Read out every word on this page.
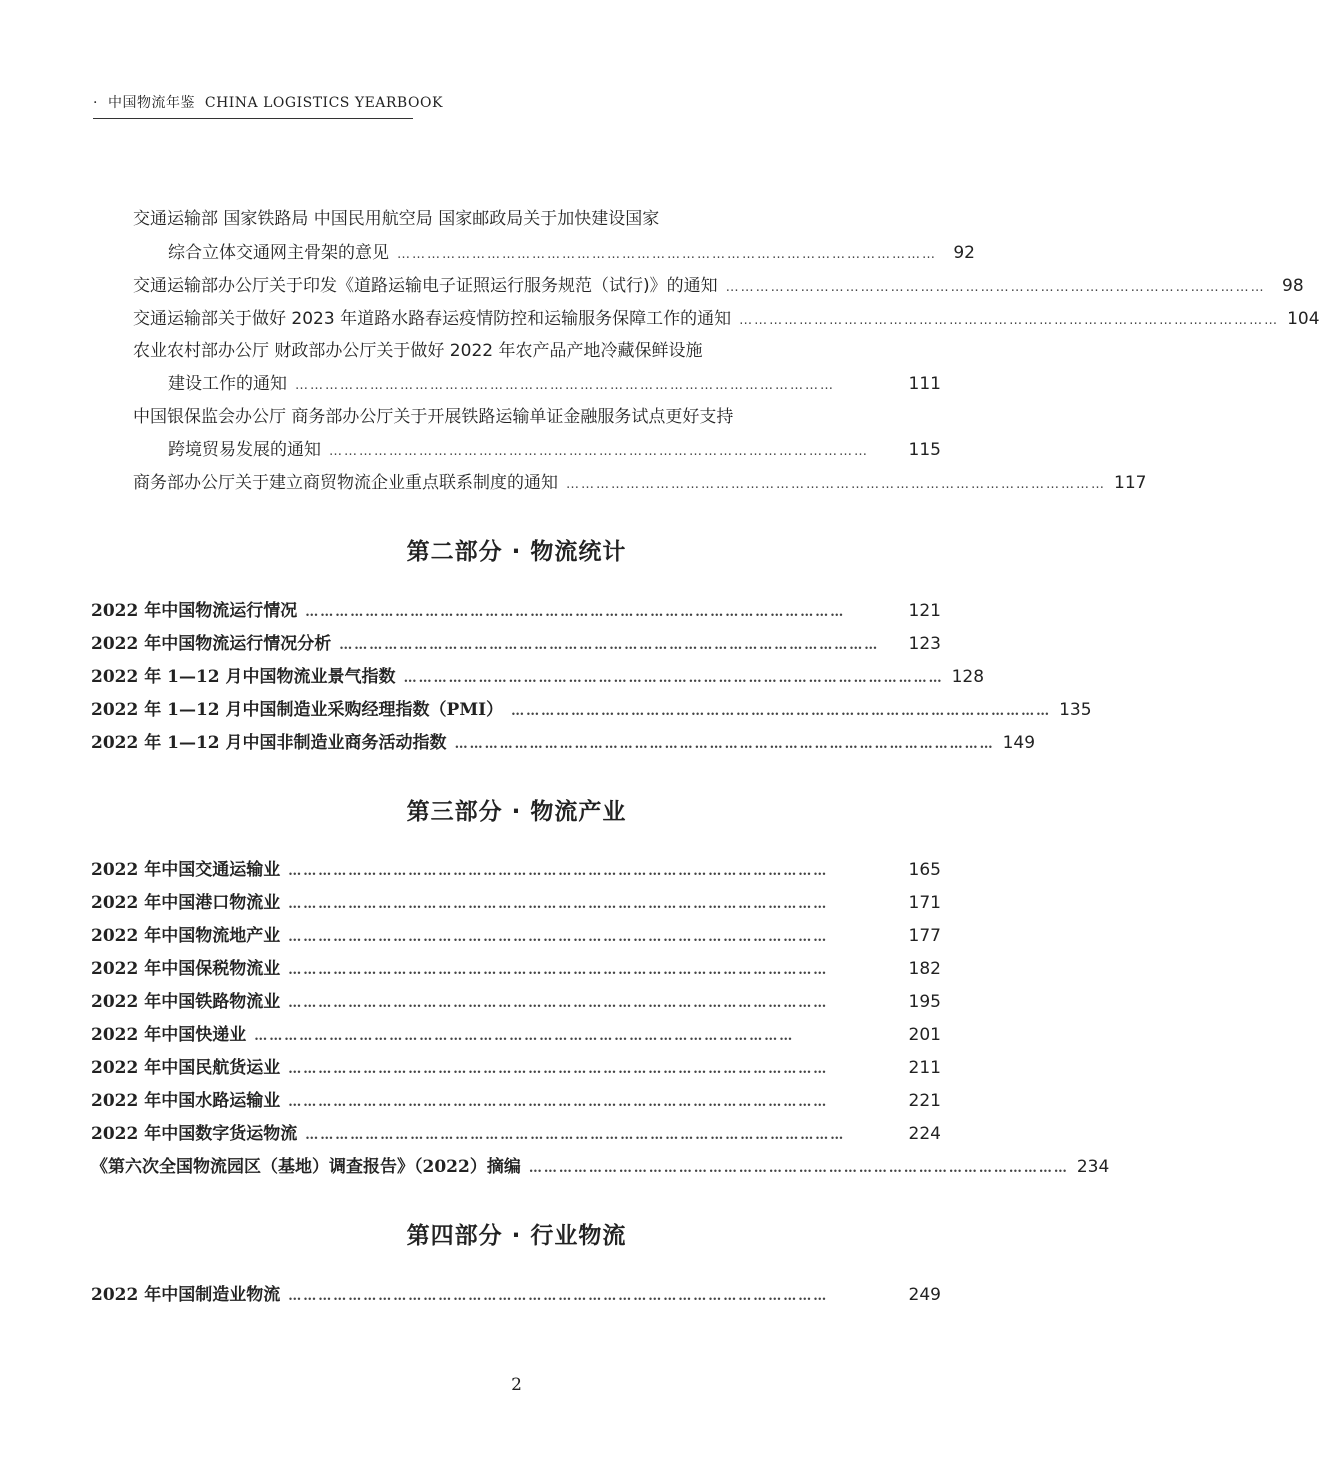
· 中国物流年鉴 CHINA LOGISTICS YEARBOOK
交通运输部 国家铁路局 中国民用航空局 国家邮政局关于加快建设国家
综合立体交通网主骨架的意见 ……………………………………………………………………………………………… 92
交通运输部办公厅关于印发《道路运输电子证照运行服务规范（试行)》的通知 ……………………………………………………………………………………………… 98
交通运输部关于做好 2023 年道路水路春运疫情防控和运输服务保障工作的通知 ……………………………………………………………………………………………… 104
农业农村部办公厅 财政部办公厅关于做好 2022 年农产品产地冷藏保鲜设施
建设工作的通知 ………………………………………………………………………………………………	111
中国银保监会办公厅 商务部办公厅关于开展铁路运输单证金融服务试点更好支持
跨境贸易发展的通知 ………………………………………………………………………………………………	115
商务部办公厅关于建立商贸物流企业重点联系制度的通知 ……………………………………………………………………………………………… 117
第二部分 · 物流统计
2022 年中国物流运行情况 ………………………………………………………………………………………………	121
2022 年中国物流运行情况分析 ………………………………………………………………………………………………	123
2022 年 1—12 月中国物流业景气指数 ……………………………………………………………………………………………… 128
2022 年 1—12 月中国制造业采购经理指数（PMI） ……………………………………………………………………………………………… 135
2022 年 1—12 月中国非制造业商务活动指数 ……………………………………………………………………………………………… 149
第三部分 · 物流产业
2022 年中国交通运输业 ………………………………………………………………………………………………	165
2022 年中国港口物流业 ………………………………………………………………………………………………	171
2022 年中国物流地产业 ………………………………………………………………………………………………	177
2022 年中国保税物流业 ………………………………………………………………………………………………	182
2022 年中国铁路物流业 ………………………………………………………………………………………………	195
2022 年中国快递业 ………………………………………………………………………………………………	201
2022 年中国民航货运业 ………………………………………………………………………………………………	211
2022 年中国水路运输业 ………………………………………………………………………………………………	221
2022 年中国数字货运物流 ………………………………………………………………………………………………	224
《第六次全国物流园区（基地）调查报告》（2022）摘编 ……………………………………………………………………………………………… 234
第四部分 · 行业物流
2022 年中国制造业物流 ………………………………………………………………………………………………	249
2
